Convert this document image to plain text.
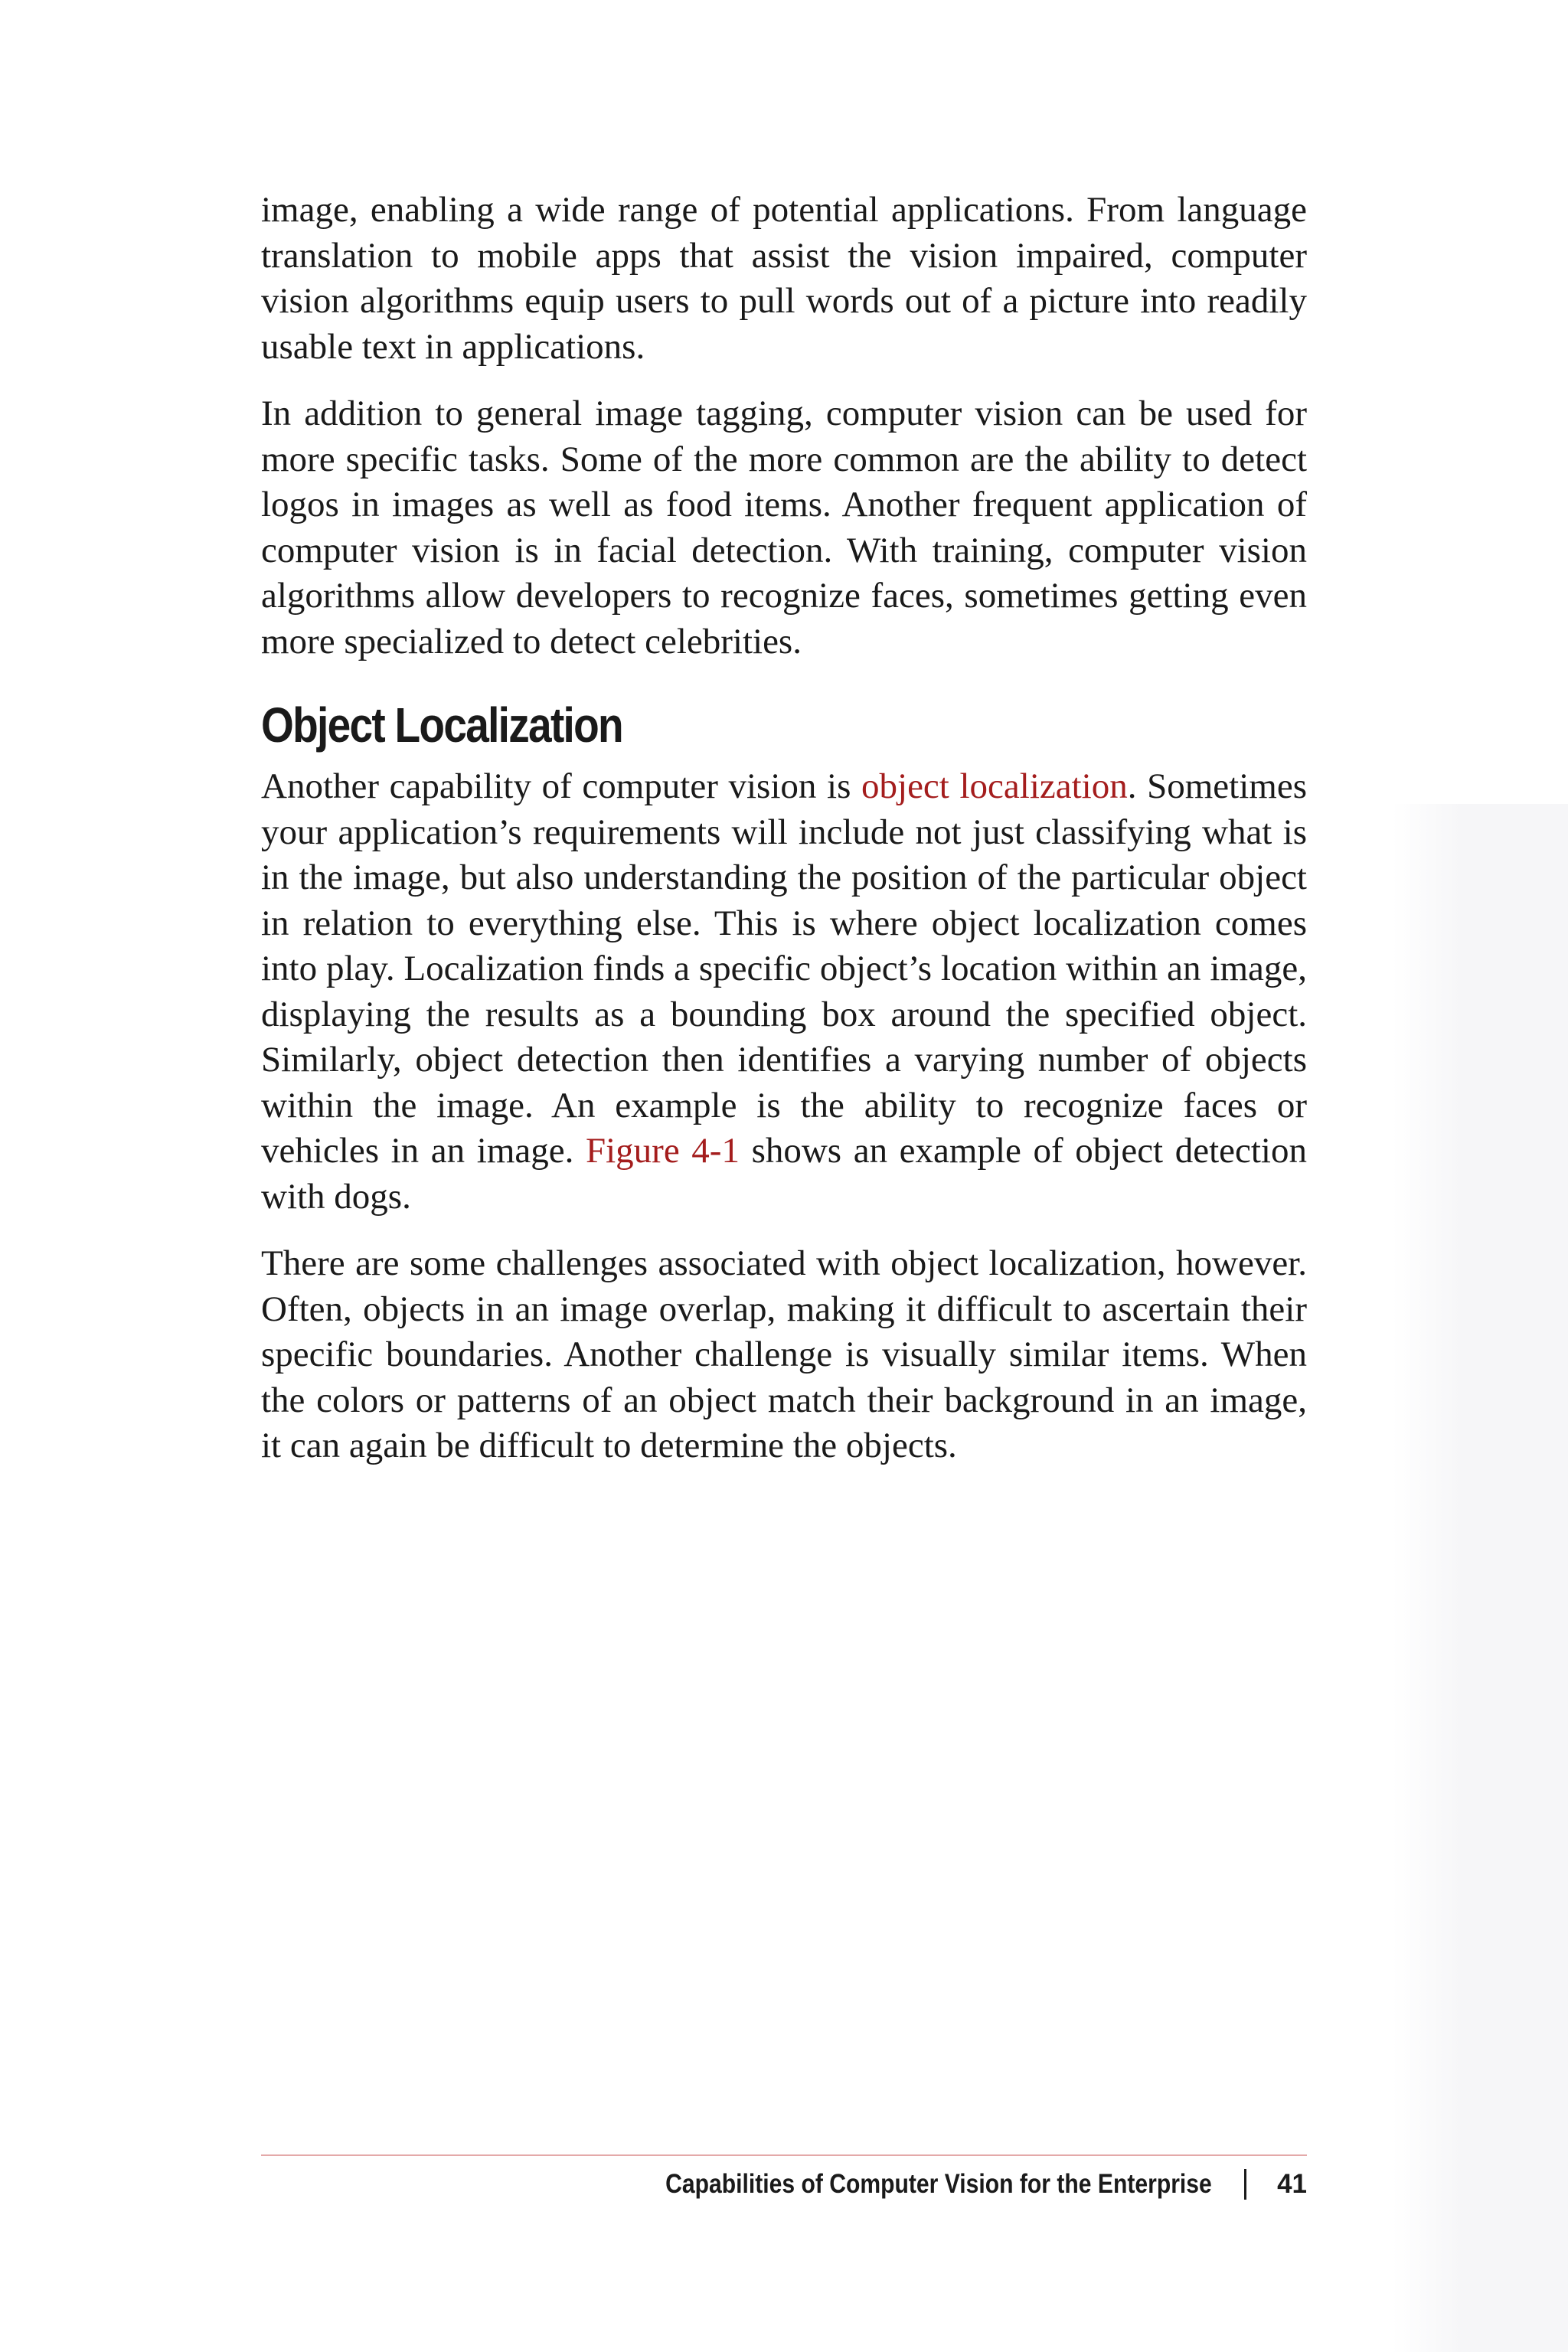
image, enabling a wide range of potential applications. From language translation to mobile apps that assist the vision impaired, computer vision algorithms equip users to pull words out of a picture into readily usable text in applications.

In addition to general image tagging, computer vision can be used for more specific tasks. Some of the more common are the ability to detect logos in images as well as food items. Another frequent application of computer vision is in facial detection. With training, computer vision algorithms allow developers to recognize faces, sometimes getting even more specialized to detect celebrities.

Object Localization

Another capability of computer vision is object localization. Sometimes your application’s requirements will include not just classifying what is in the image, but also understanding the position of the particular object in relation to everything else. This is where object localization comes into play. Localization finds a specific object’s location within an image, displaying the results as a bounding box around the specified object. Similarly, object detection then identifies a varying number of objects within the image. An example is the ability to recognize faces or vehicles in an image. Figure 4-1 shows an example of object detection with dogs.

There are some challenges associated with object localization, however. Often, objects in an image overlap, making it difficult to ascertain their specific boundaries. Another challenge is visually similar items. When the colors or patterns of an object match their background in an image, it can again be difficult to determine the objects.

Capabilities of Computer Vision for the Enterprise 41
